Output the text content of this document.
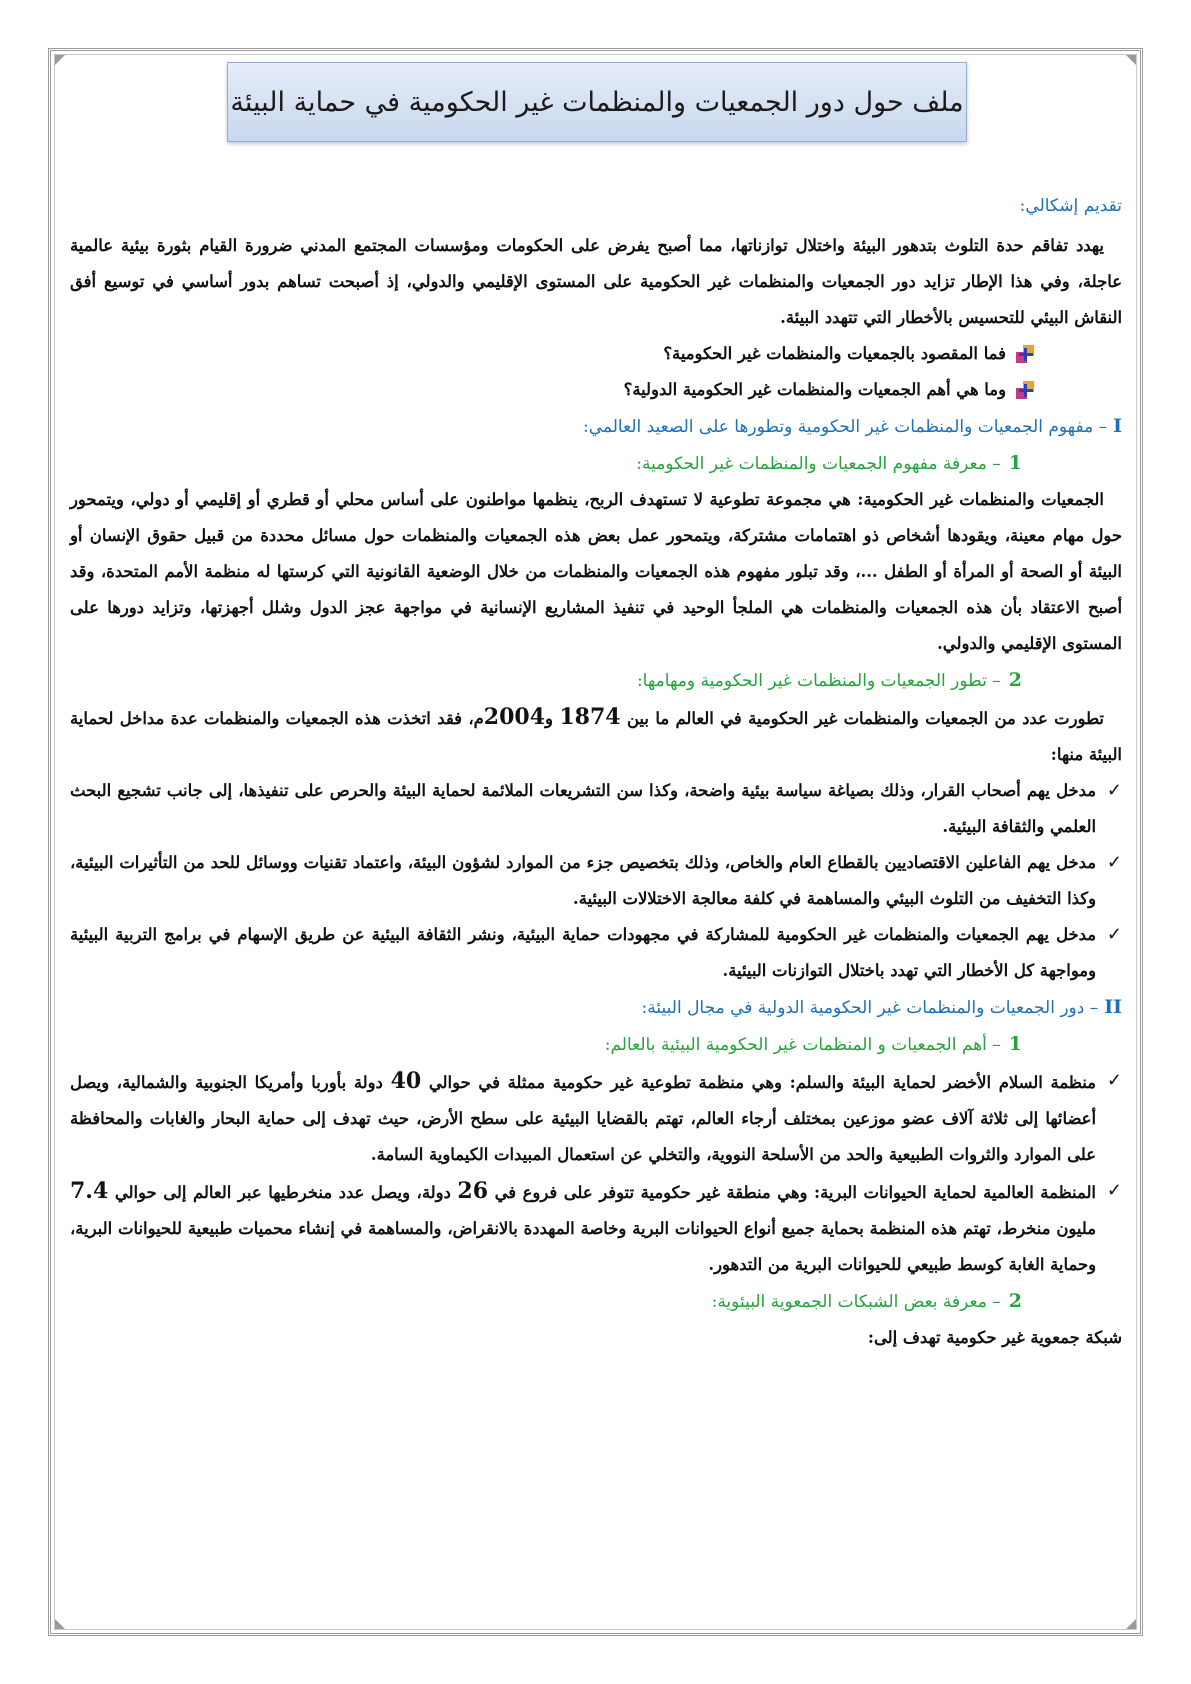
ملف حول دور الجمعيات والمنظمات غير الحكومية في حماية البيئة

تقديم إشكالي:

يهدد تفاقم حدة التلوث بتدهور البيئة واختلال توازناتها، مما أصبح يفرض على الحكومات ومؤسسات المجتمع المدني ضرورة القيام بثورة بيئية عالمية عاجلة، وفي هذا الإطار تزايد دور الجمعيات والمنظمات غير الحكومية على المستوى الإقليمي والدولي، إذ أصبحت تساهم بدور أساسي في توسيع أفق النقاش البيئي للتحسيس بالأخطار التي تتهدد البيئة.

فما المقصود بالجمعيات والمنظمات غير الحكومية؟
وما هي أهم الجمعيات والمنظمات غير الحكومية الدولية؟

I– مفهوم الجمعيات والمنظمات غير الحكومية وتطورها على الصعيد العالمي:

1– معرفة مفهوم الجمعيات والمنظمات غير الحكومية:

الجمعيات والمنظمات غير الحكومية: هي مجموعة تطوعية لا تستهدف الربح، ينظمها مواطنون على أساس محلي أو قطري أو إقليمي أو دولي، ويتمحور حول مهام معينة، ويقودها أشخاص ذو اهتمامات مشتركة، ويتمحور عمل بعض هذه الجمعيات والمنظمات حول مسائل محددة من قبيل حقوق الإنسان أو البيئة أو الصحة أو المرأة أو الطفل ...، وقد تبلور مفهوم هذه الجمعيات والمنظمات من خلال الوضعية القانونية التي كرستها له منظمة الأمم المتحدة، وقد أصبح الاعتقاد بأن هذه الجمعيات والمنظمات هي الملجأ الوحيد في تنفيذ المشاريع الإنسانية في مواجهة عجز الدول وشلل أجهزتها، وتزايد دورها على المستوى الإقليمي والدولي.

2– تطور الجمعيات والمنظمات غير الحكومية ومهامها:

تطورت عدد من الجمعيات والمنظمات غير الحكومية في العالم ما بين 1874 و2004م، فقد اتخذت هذه الجمعيات والمنظمات عدة مداخل لحماية البيئة منها:

✓
مدخل يهم أصحاب القرار، وذلك بصياغة سياسة بيئية واضحة، وكذا سن التشريعات الملائمة لحماية البيئة والحرص على تنفيذها، إلى جانب تشجيع البحث العلمي والثقافة البيئية.
✓
مدخل يهم الفاعلين الاقتصاديين بالقطاع العام والخاص، وذلك بتخصيص جزء من الموارد لشؤون البيئة، واعتماد تقنيات ووسائل للحد من التأثيرات البيئية، وكذا التخفيف من التلوث البيئي والمساهمة في كلفة معالجة الاختلالات البيئية.
✓
مدخل يهم الجمعيات والمنظمات غير الحكومية للمشاركة في مجهودات حماية البيئية، ونشر الثقافة البيئية عن طريق الإسهام في برامج التربية البيئية ومواجهة كل الأخطار التي تهدد باختلال التوازنات البيئية.

II– دور الجمعيات والمنظمات غير الحكومية الدولية في مجال البيئة:

1– أهم الجمعيات و المنظمات غير الحكومية البيئية بالعالم:

✓
منظمة السلام الأخضر لحماية البيئة والسلم: وهي منظمة تطوعية غير حكومية ممثلة في حوالي 40 دولة بأوربا وأمريكا الجنوبية والشمالية، ويصل أعضائها إلى ثلاثة آلاف عضو موزعين بمختلف أرجاء العالم، تهتم بالقضايا البيئية على سطح الأرض، حيث تهدف إلى حماية البحار والغابات والمحافظة على الموارد والثروات الطبيعية والحد من الأسلحة النووية، والتخلي عن استعمال المبيدات الكيماوية السامة.
✓
المنظمة العالمية لحماية الحيوانات البرية: وهي منطقة غير حكومية تتوفر على فروع في 26 دولة، ويصل عدد منخرطيها عبر العالم إلى حوالي 7.4 مليون منخرط، تهتم هذه المنظمة بحماية جميع أنواع الحيوانات البرية وخاصة المهددة بالانقراض، والمساهمة في إنشاء محميات طبيعية للحيوانات البرية، وحماية الغابة كوسط طبيعي للحيوانات البرية من التدهور.

2– معرفة بعض الشبكات الجمعوية البيئوية:

شبكة جمعوية غير حكومية تهدف إلى:
